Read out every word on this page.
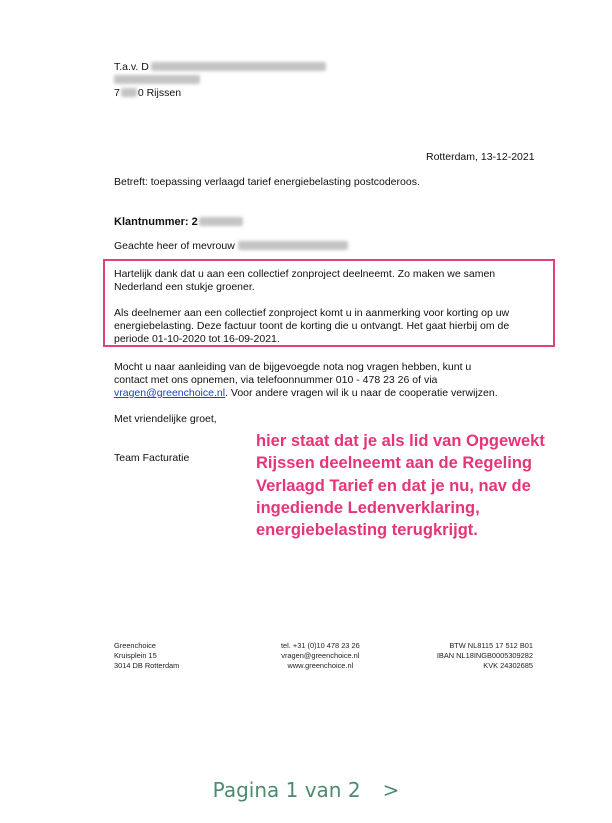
T.a.v. D
7 0 Rijssen
Rotterdam, 13-12-2021
Betreft: toepassing verlaagd tarief energiebelasting postcoderoos.
Klantnummer: 2
Geachte heer of mevrouw
Hartelijk dank dat u aan een collectief zonproject deelneemt. Zo maken we samen
Nederland een stukje groener.
Als deelnemer aan een collectief zonproject komt u in aanmerking voor korting op uw
energiebelasting. Deze factuur toont de korting die u ontvangt. Het gaat hierbij om de
periode 01-10-2020 tot 16-09-2021.
Mocht u naar aanleiding van de bijgevoegde nota nog vragen hebben, kunt u
contact met ons opnemen, via telefoonnummer 010 - 478 23 26 of via
vragen@greenchoice.nl. Voor andere vragen wil ik u naar de cooperatie verwijzen.
Met vriendelijke groet,
Team Facturatie
hier staat dat je als lid van Opgewekt
Rijssen deelneemt aan de Regeling
Verlaagd Tarief en dat je nu, nav de
ingediende Ledenverklaring,
energiebelasting terugkrijgt.
Greenchoice
Kruisplein 15
3014 DB Rotterdam
tel. +31 (0)10 478 23 26
vragen@greenchoice.nl
www.greenchoice.nl
BTW NL8115 17 512 B01
IBAN NL18INGB0005309282
KVK 24302685
Pagina 1 van 2 >
